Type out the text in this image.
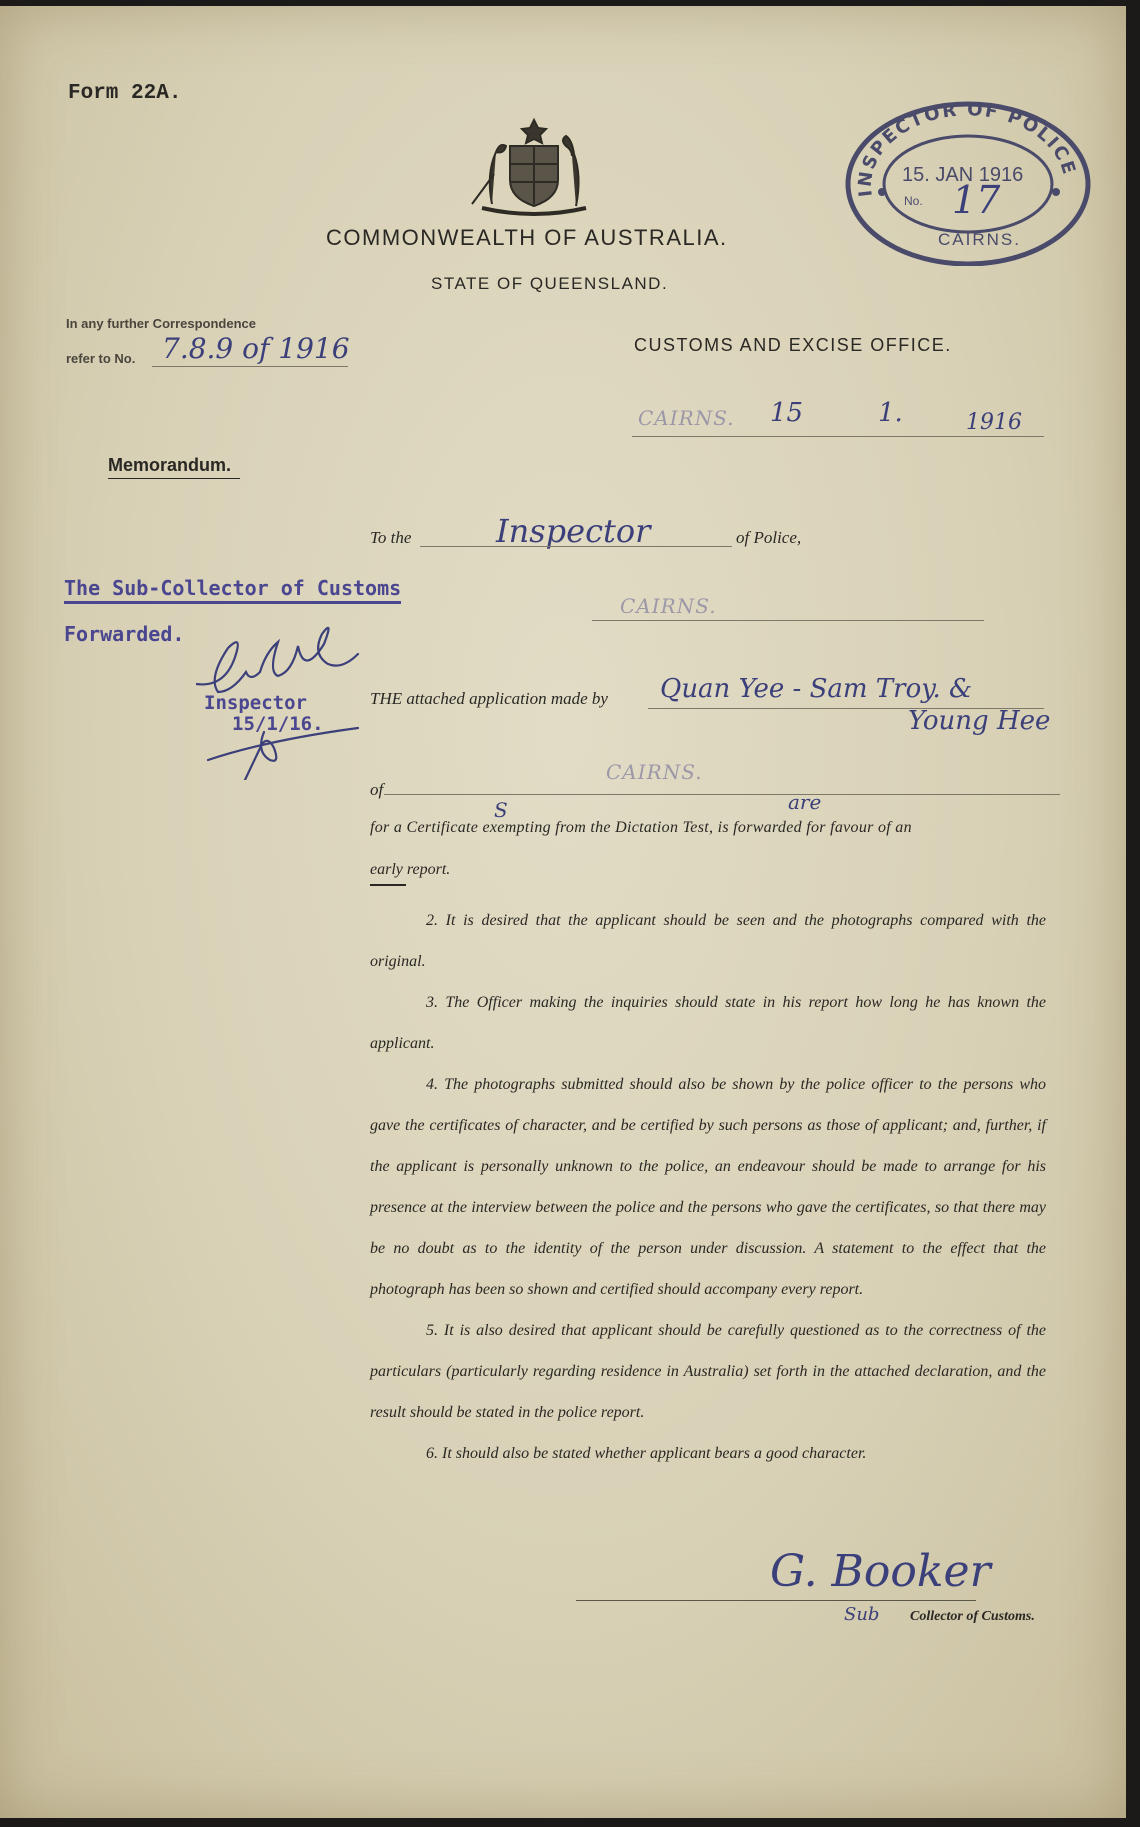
Form 22A.
COMMONWEALTH OF AUSTRALIA.
STATE OF QUEENSLAND.
INSPECTOR OF POLICE
15. JAN 1916
No. 17
CAIRNS.
In any further Correspondence
refer to No. 7.8.9 of 1916	CUSTOMS AND EXCISE OFFICE.
CAIRNS. 15	1.	1916
Memorandum.
To the	Inspector	of Police,
CAIRNS.
The Sub-Collector of Customs
Forwarded.
Inspector
15/1/16.
THE attached application made by Quan Yee - Sam Troy. &
Young Hee
of
CAIRNS.
S	are
for a Certificate exempting from the Dictation Test, is forwarded for favour of an
early report.

2. It is desired that the applicant should be seen and the photographs compared with the original.

3. The Officer making the inquiries should state in his report how long he has known the applicant.

4. The photographs submitted should also be shown by the police officer to the persons who gave the certificates of character, and be certified by such persons as those of applicant; and, further, if the applicant is personally unknown to the police, an endeavour should be made to arrange for his presence at the interview between the police and the persons who gave the certificates, so that there may be no doubt as to the identity of the person under discussion. A statement to the effect that the photograph has been so shown and certified should accompany every report.

5. It is also desired that applicant should be carefully questioned as to the correctness of the particulars (particularly regarding residence in Australia) set forth in the attached declaration, and the result should be stated in the police report.

6. It should also be stated whether applicant bears a good character.

G. Booker
Sub Collector of Customs.
